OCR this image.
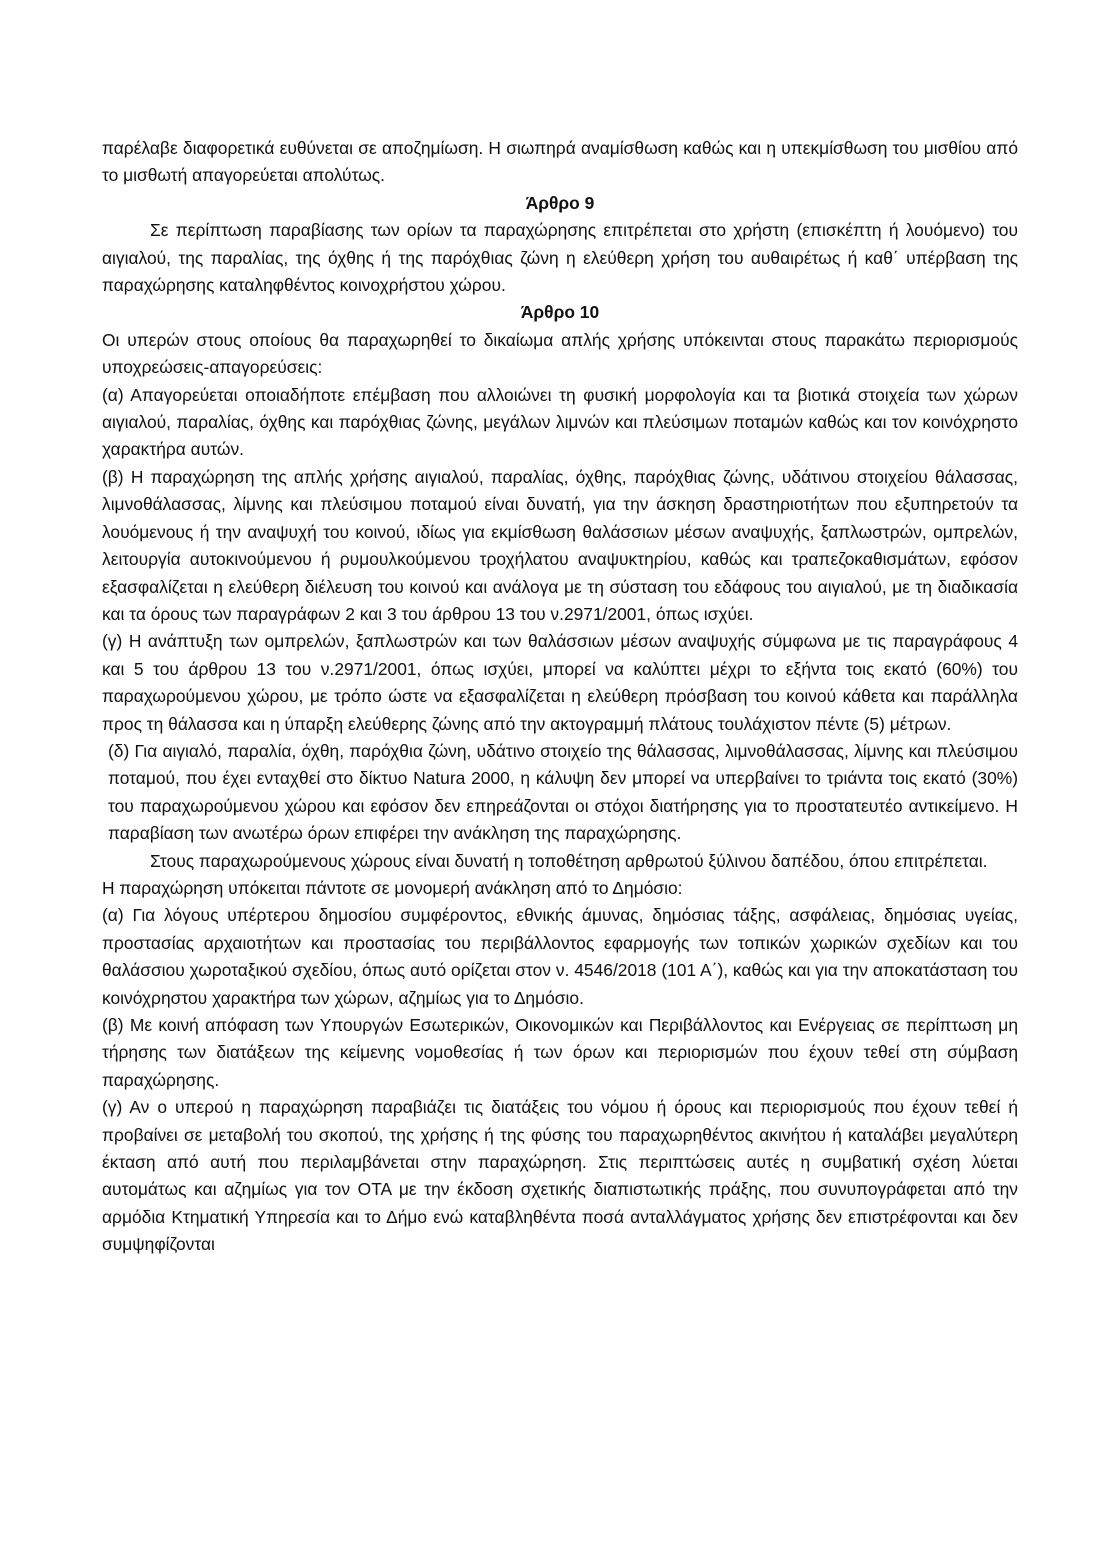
παρέλαβε διαφορετικά ευθύνεται σε αποζημίωση. Η σιωπηρά αναμίσθωση καθώς και η υπεκμίσθωση του μισθίου από το μισθωτή απαγορεύεται απολύτως.

Άρθρο 9

Σε περίπτωση παραβίασης των ορίων τα παραχώρησης επιτρέπεται στο χρήστη (επισκέπτη ή λουόμενο) του αιγιαλού, της παραλίας, της όχθης ή της παρόχθιας ζώνη η ελεύθερη χρήση του αυθαιρέτως ή καθ΄ υπέρβαση της παραχώρησης καταληφθέντος κοινοχρήστου χώρου.

Άρθρο 10

Οι υπερών στους οποίους θα παραχωρηθεί το δικαίωμα απλής χρήσης υπόκεινται στους παρακάτω περιορισμούς υποχρεώσεις-απαγορεύσεις:

(α) Απαγορεύεται οποιαδήποτε επέμβαση που αλλοιώνει τη φυσική μορφολογία και τα βιοτικά στοιχεία των χώρων αιγιαλού, παραλίας, όχθης και παρόχθιας ζώνης, μεγάλων λιμνών και πλεύσιμων ποταμών καθώς και τον κοινόχρηστο χαρακτήρα αυτών.

(β) Η παραχώρηση της απλής χρήσης αιγιαλού, παραλίας, όχθης, παρόχθιας ζώνης, υδάτινου στοιχείου θάλασσας, λιμνοθάλασσας, λίμνης και πλεύσιμου ποταμού είναι δυνατή, για την άσκηση δραστηριοτήτων που εξυπηρετούν τα λουόμενους ή την αναψυχή του κοινού, ιδίως για εκμίσθωση θαλάσσιων μέσων αναψυχής, ξαπλωστρών, ομπρελών, λειτουργία αυτοκινούμενου ή ρυμουλκούμενου τροχήλατου αναψυκτηρίου, καθώς και τραπεζοκαθισμάτων, εφόσον εξασφαλίζεται η ελεύθερη διέλευση του κοινού και ανάλογα με τη σύσταση του εδάφους του αιγιαλού, με τη διαδικασία και τα όρους των παραγράφων 2 και 3 του άρθρου 13 του ν.2971/2001, όπως ισχύει.

(γ) Η ανάπτυξη των ομπρελών, ξαπλωστρών και των θαλάσσιων μέσων αναψυχής σύμφωνα με τις παραγράφους 4 και 5 του άρθρου 13 του ν.2971/2001, όπως ισχύει, μπορεί να καλύπτει μέχρι το εξήντα τοις εκατό (60%) του παραχωρούμενου χώρου, με τρόπο ώστε να εξασφαλίζεται η ελεύθερη πρόσβαση του κοινού κάθετα και παράλληλα προς τη θάλασσα και η ύπαρξη ελεύθερης ζώνης από την ακτογραμμή πλάτους τουλάχιστον πέντε (5) μέτρων.

(δ) Για αιγιαλό, παραλία, όχθη, παρόχθια ζώνη, υδάτινο στοιχείο της θάλασσας, λιμνοθάλασσας, λίμνης και πλεύσιμου ποταμού, που έχει ενταχθεί στο δίκτυο Natura 2000, η κάλυψη δεν μπορεί να υπερβαίνει το τριάντα τοις εκατό (30%) του παραχωρούμενου χώρου και εφόσον δεν επηρεάζονται οι στόχοι διατήρησης για το προστατευτέο αντικείμενο. Η παραβίαση των ανωτέρω όρων επιφέρει την ανάκληση της παραχώρησης.

Στους παραχωρούμενους χώρους είναι δυνατή η τοποθέτηση αρθρωτού ξύλινου δαπέδου, όπου επιτρέπεται.

Η παραχώρηση υπόκειται πάντοτε σε μονομερή ανάκληση από το Δημόσιο:

(α) Για λόγους υπέρτερου δημοσίου συμφέροντος, εθνικής άμυνας, δημόσιας τάξης, ασφάλειας, δημόσιας υγείας, προστασίας αρχαιοτήτων και προστασίας του περιβάλλοντος εφαρμογής των τοπικών χωρικών σχεδίων και του θαλάσσιου χωροταξικού σχεδίου, όπως αυτό ορίζεται στον ν. 4546/2018 (101 Α΄), καθώς και για την αποκατάσταση του κοινόχρηστου χαρακτήρα των χώρων, αζημίως για το Δημόσιο.

(β) Με κοινή απόφαση των Υπουργών Εσωτερικών, Οικονομικών και Περιβάλλοντος και Ενέργειας σε περίπτωση μη τήρησης των διατάξεων της κείμενης νομοθεσίας ή των όρων και περιορισμών που έχουν τεθεί στη σύμβαση παραχώρησης.

(γ) Αν ο υπερού η παραχώρηση παραβιάζει τις διατάξεις του νόμου ή όρους και περιορισμούς που έχουν τεθεί ή προβαίνει σε μεταβολή του σκοπού, της χρήσης ή της φύσης του παραχωρηθέντος ακινήτου ή καταλάβει μεγαλύτερη έκταση από αυτή που περιλαμβάνεται στην παραχώρηση. Στις περιπτώσεις αυτές η συμβατική σχέση λύεται αυτομάτως και αζημίως για τον ΟΤΑ με την έκδοση σχετικής διαπιστωτικής πράξης, που συνυπογράφεται από την αρμόδια Κτηματική Υπηρεσία και το Δήμο ενώ καταβληθέντα ποσά ανταλλάγματος χρήσης δεν επιστρέφονται και δεν συμψηφίζονται
